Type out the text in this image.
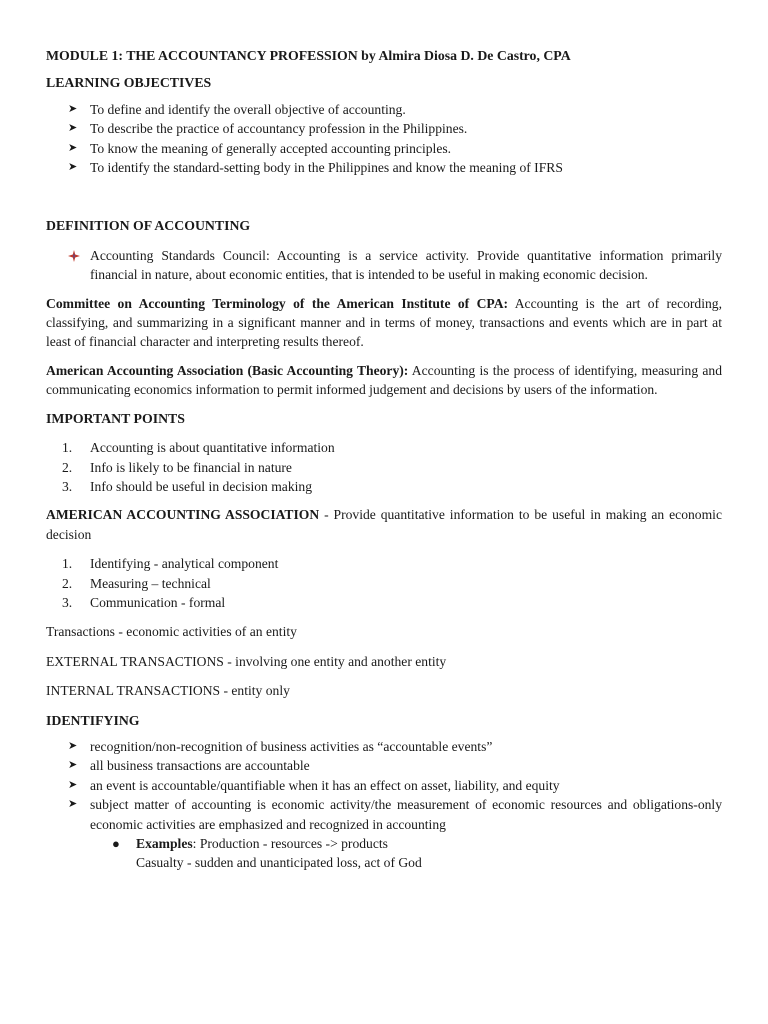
MODULE 1: THE ACCOUNTANCY PROFESSION by Almira Diosa D. De Castro, CPA

LEARNING OBJECTIVES

➤ To define and identify the overall objective of accounting.
➤ To describe the practice of accountancy profession in the Philippines.
➤ To know the meaning of generally accepted accounting principles.
➤ To identify the standard-setting body in the Philippines and know the meaning of IFRS

DEFINITION OF ACCOUNTING

Accounting Standards Council: Accounting is a service activity. Provide quantitative information primarily financial in nature, about economic entities, that is intended to be useful in making economic decision.

Committee on Accounting Terminology of the American Institute of CPA: Accounting is the art of recording, classifying, and summarizing in a significant manner and in terms of money, transactions and events which are in part at least of financial character and interpreting results thereof.

American Accounting Association (Basic Accounting Theory): Accounting is the process of identifying, measuring and communicating economics information to permit informed judgement and decisions by users of the information.

IMPORTANT POINTS

1. Accounting is about quantitative information
2. Info is likely to be financial in nature
3. Info should be useful in decision making

AMERICAN ACCOUNTING ASSOCIATION - Provide quantitative information to be useful in making an economic decision

1. Identifying - analytical component
2. Measuring – technical
3. Communication - formal

Transactions - economic activities of an entity

EXTERNAL TRANSACTIONS - involving one entity and another entity

INTERNAL TRANSACTIONS - entity only

IDENTIFYING

➤ recognition/non-recognition of business activities as “accountable events”
➤ all business transactions are accountable
➤ an event is accountable/quantifiable when it has an effect on asset, liability, and equity
➤ subject matter of accounting is economic activity/the measurement of economic resources and obligations-only economic activities are emphasized and recognized in accounting
● Examples: Production - resources -> products
Casualty - sudden and unanticipated loss, act of God
